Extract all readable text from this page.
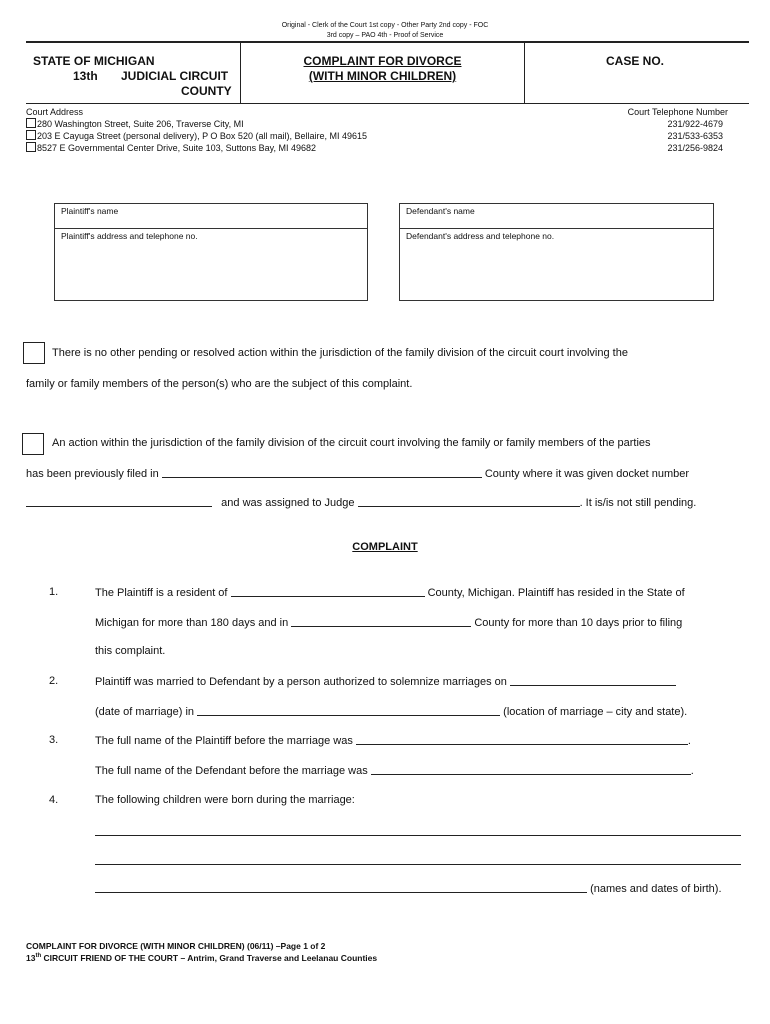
Original - Clerk of the Court 1st copy - Other Party 2nd copy - FOC
3rd copy – PAO 4th - Proof of Service
STATE OF MICHIGAN
13th JUDICIAL CIRCUIT
COUNTY
COMPLAINT FOR DIVORCE
(WITH MINOR CHILDREN)
CASE NO.
Court Address	Court Telephone Number
280 Washington Street, Suite 206, Traverse City, MI	231/922-4679
203 E Cayuga Street (personal delivery), P O Box 520 (all mail), Bellaire, MI 49615	231/533-6353
8527 E Governmental Center Drive, Suite 103, Suttons Bay, MI 49682	231/256-9824
Plaintiff's name
Plaintiff's address and telephone no.
Defendant's name
Defendant's address and telephone no.
There is no other pending or resolved action within the jurisdiction of the family division of the circuit court involving the
family or family members of the person(s) who are the subject of this complaint.
An action within the jurisdiction of the family division of the circuit court involving the family or family members of the parties
has been previously filed in	County where it was given docket number
and was assigned to Judge	. It is/is not still pending.
COMPLAINT
1.	The Plaintiff is a resident of	County, Michigan. Plaintiff has resided in the State of
Michigan for more than 180 days and in	County for more than 10 days prior to filing
this complaint.
2.	Plaintiff was married to Defendant by a person authorized to solemnize marriages on
(date of marriage) in	(location of marriage – city and state).
3.	The full name of the Plaintiff before the marriage was	.
The full name of the Defendant before the marriage was	.
4.	The following children were born during the marriage:
(names and dates of birth).
COMPLAINT FOR DIVORCE (WITH MINOR CHILDREN) (06/11) –Page 1 of 2
13th CIRCUIT FRIEND OF THE COURT – Antrim, Grand Traverse and Leelanau Counties
